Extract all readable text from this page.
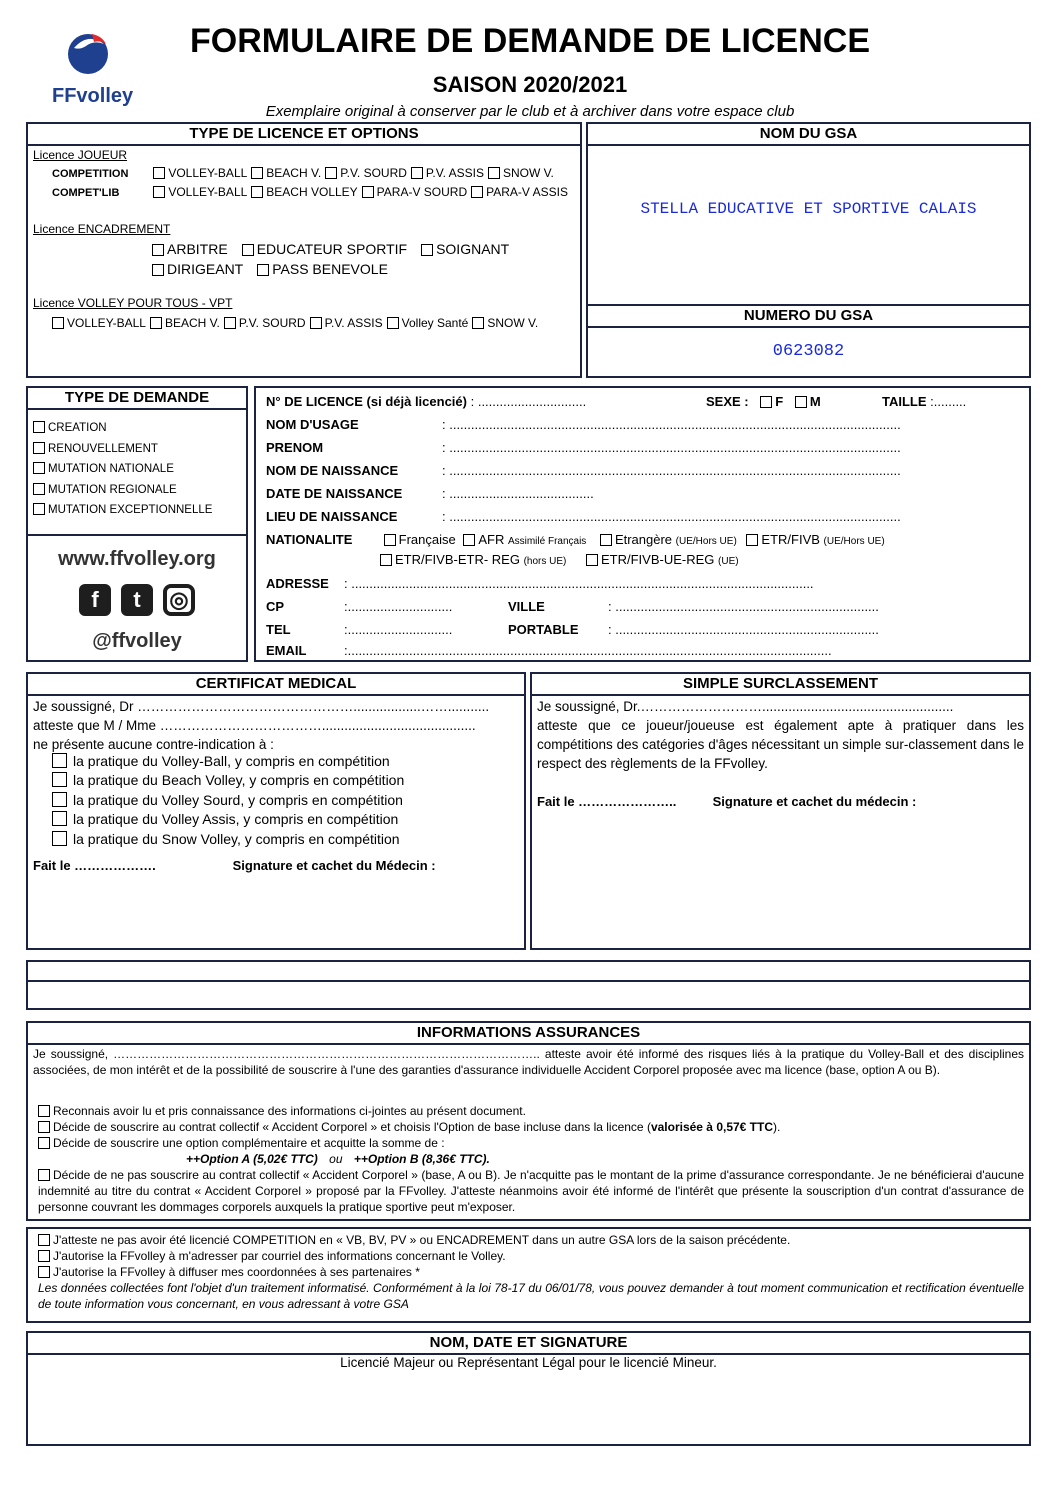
FFvolley
FORMULAIRE DE DEMANDE DE LICENCE
SAISON 2020/2021
Exemplaire original à conserver par le club et à archiver dans votre espace club
TYPE DE LICENCE ET OPTIONS
Licence JOUEUR
COMPETITION	VOLLEY-BALL BEACH V. P.V. SOURD P.V. ASSIS SNOW V.
COMPET'LIB	VOLLEY-BALL BEACH VOLLEY PARA-V SOURD PARA-V ASSIS
Licence ENCADREMENT
ARBITRE EDUCATEUR SPORTIF SOIGNANT
DIRIGEANT PASS BENEVOLE
Licence VOLLEY POUR TOUS - VPT
VOLLEY-BALL BEACH V. P.V. SOURD P.V. ASSIS Volley Santé SNOW V.
NOM DU GSA
STELLA EDUCATIVE ET SPORTIVE CALAIS
NUMERO DU GSA
0623082
TYPE DE DEMANDE
CREATION
RENOUVELLEMENT
MUTATION NATIONALE
MUTATION REGIONALE
MUTATION EXCEPTIONNELLE
www.ffvolley.org
f t ◎
@ffvolley
N° DE LICENCE (si déjà licencié) : ..............................	SEXE : F M	TAILLE :.........
NOM D'USAGE	: .............................................................................................................................
PRENOM	: .............................................................................................................................
NOM DE NAISSANCE	: .............................................................................................................................
DATE DE NAISSANCE	: ........................................
LIEU DE NAISSANCE	: .............................................................................................................................
NATIONALITE	Française AFR Assimilé Français Etrangère (UE/Hors UE) ETR/FIVB (UE/Hors UE)
ETR/FIVB-ETR- REG (hors UE)	ETR/FIVB-UE-REG (UE)
ADRESSE : ................................................................................................................................
CP	:.............................	VILLE	: .........................................................................
TEL	:.............................	PORTABLE : .........................................................................
EMAIL	:......................................................................................................................................
CERTIFICAT MEDICAL
Je soussigné, Dr …………………………………………..................……...........
atteste que M / Mme ……………………………….........................................
ne présente aucune contre-indication à :
la pratique du Volley-Ball, y compris en compétition
la pratique du Beach Volley, y compris en compétition
la pratique du Volley Sourd, y compris en compétition
la pratique du Volley Assis, y compris en compétition
la pratique du Snow Volley, y compris en compétition
Fait le ……………….	Signature et cachet du Médecin :
SIMPLE SURCLASSEMENT
Je soussigné, Dr.………………………...................................................
atteste que ce joueur/joueuse est également apte à pratiquer dans les compétitions des catégories d'âges nécessitant un simple sur-classement dans le respect des règlements de la FFvolley.
Fait le …………………..	Signature et cachet du médecin :
INFORMATIONS ASSURANCES
Je soussigné, …………………………………………………………………………………………….. atteste avoir été informé des risques liés à la pratique du Volley-Ball et des disciplines associées, de mon intérêt et de la possibilité de souscrire à l'une des garanties d'assurance individuelle Accident Corporel proposée avec ma licence (base, option A ou B).
Reconnais avoir lu et pris connaissance des informations ci-jointes au présent document.
Décide de souscrire au contrat collectif « Accident Corporel » et choisis l'Option de base incluse dans la licence (valorisée à 0,57€ TTC).
Décide de souscrire une option complémentaire et acquitte la somme de :
++Option A (5,02€ TTC) ou ++Option B (8,36€ TTC).
Décide de ne pas souscrire au contrat collectif « Accident Corporel » (base, A ou B). Je n'acquitte pas le montant de la prime d'assurance correspondante. Je ne bénéficierai d'aucune indemnité au titre du contrat « Accident Corporel » proposé par la FFvolley. J'atteste néanmoins avoir été informé de l'intérêt que présente la souscription d'un contrat d'assurance de personne couvrant les dommages corporels auxquels la pratique sportive peut m'exposer.
J'atteste ne pas avoir été licencié COMPETITION en « VB, BV, PV » ou ENCADREMENT dans un autre GSA lors de la saison précédente.
J'autorise la FFvolley à m'adresser par courriel des informations concernant le Volley.
J'autorise la FFvolley à diffuser mes coordonnées à ses partenaires *
Les données collectées font l'objet d'un traitement informatisé. Conformément à la loi 78-17 du 06/01/78, vous pouvez demander à tout moment communication et rectification éventuelle de toute information vous concernant, en vous adressant à votre GSA
NOM, DATE ET SIGNATURE
Licencié Majeur ou Représentant Légal pour le licencié Mineur.
